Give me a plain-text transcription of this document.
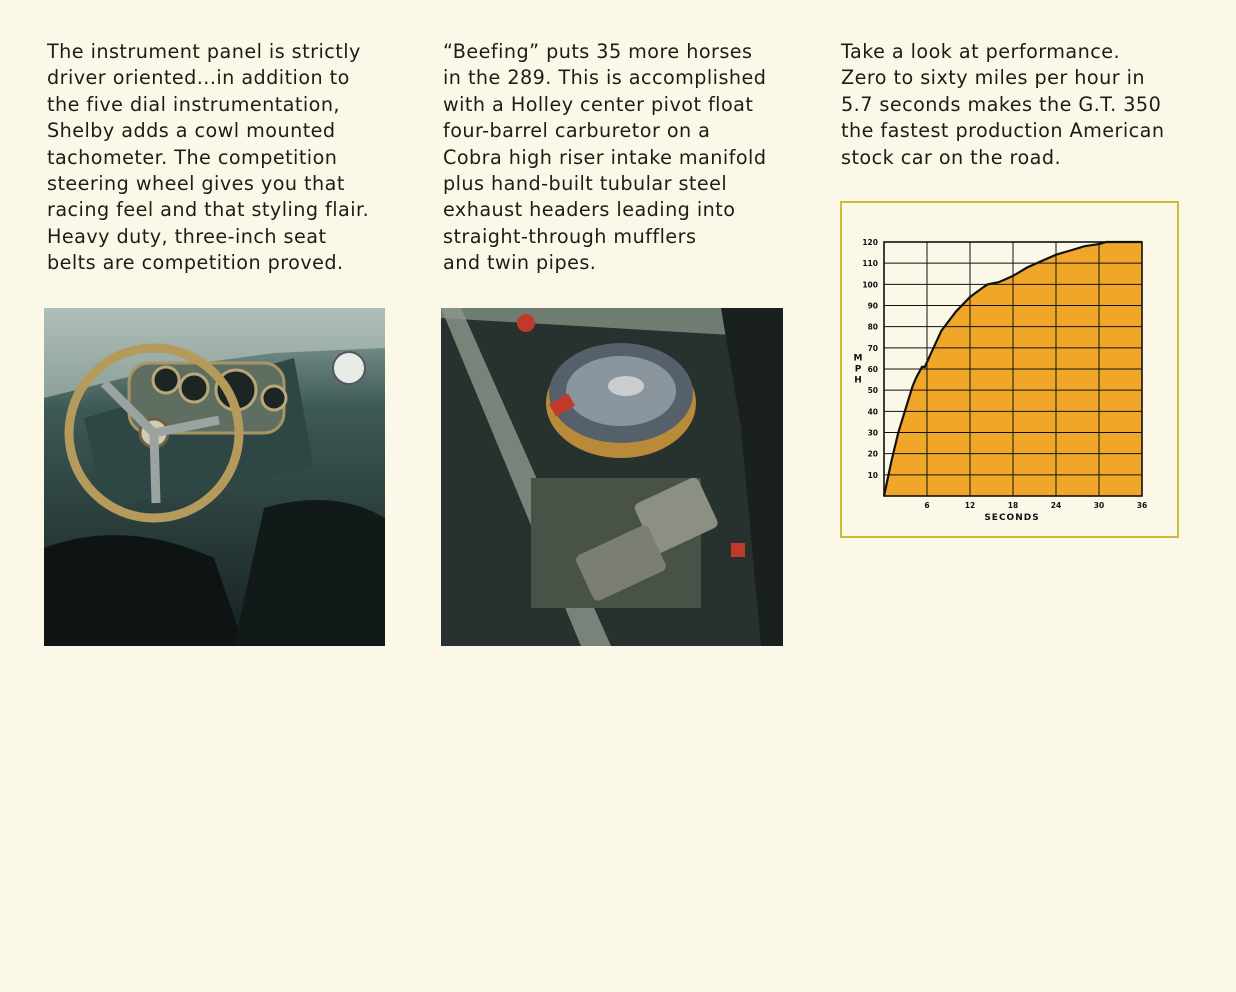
The instrument panel is strictly
driver oriented...in addition to
the five dial instrumentation,
Shelby adds a cowl mounted
tachometer. The competition
steering wheel gives you that
racing feel and that styling flair.
Heavy duty, three-inch seat
belts are competition proved.
“Beefing” puts 35 more horses
in the 289. This is accomplished
with a Holley center pivot float
four-barrel carburetor on a
Cobra high riser intake manifold
plus hand-built tubular steel
exhaust headers leading into
straight-through mufflers
and twin pipes.
Take a look at performance.
Zero to sixty miles per hour in
5.7 seconds makes the G.T. 350
the fastest production American
stock car on the road.
10
20
30
40
50
60
70
80
90
100
110
120
6	12	18	24	30	36
SECONDS
M P H
